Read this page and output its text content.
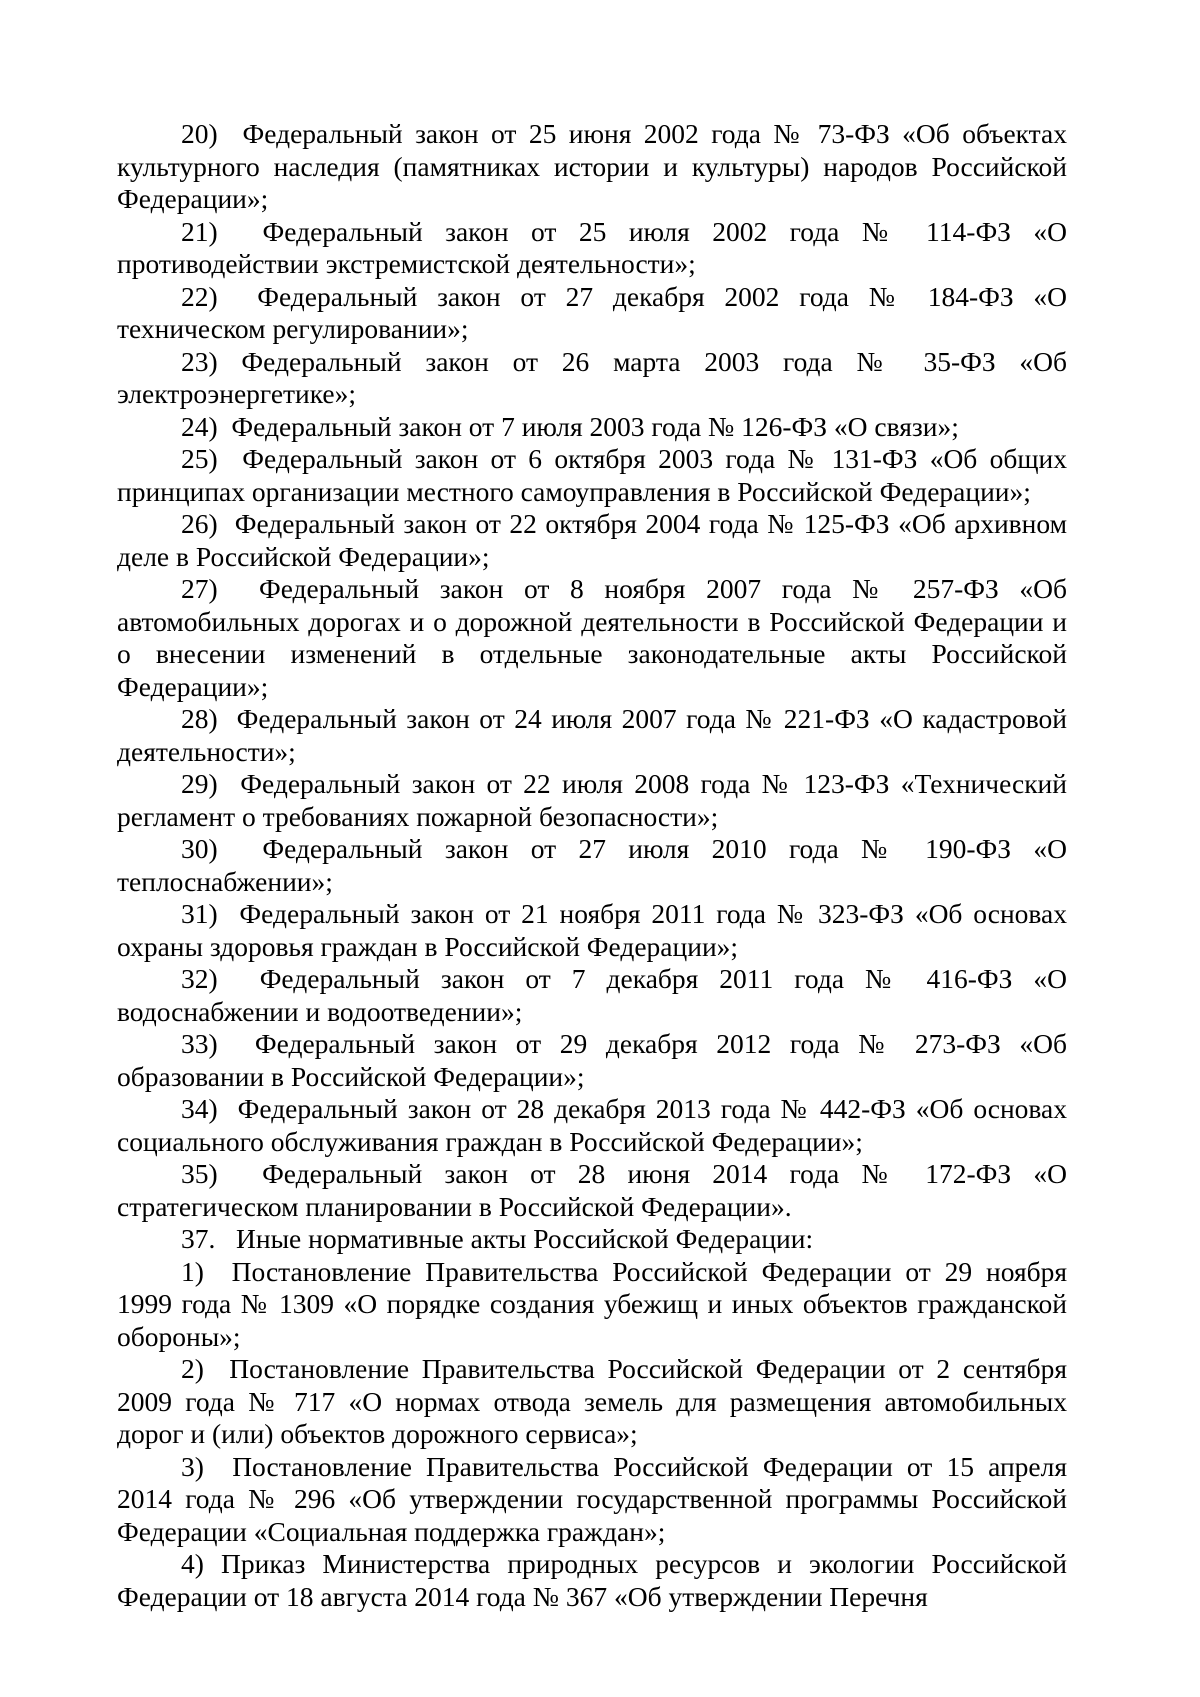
20)  Федеральный закон от 25 июня 2002 года № 73-ФЗ «Об объектах культурного наследия (памятниках истории и культуры) народов Российской Федерации»;

21)  Федеральный закон от 25 июля 2002 года № 114-ФЗ «О противодействии экстремистской деятельности»;

22)  Федеральный закон от 27 декабря 2002 года № 184-ФЗ «О техническом регулировании»;

23) Федеральный закон от 26 марта 2003 года № 35-ФЗ «Об электроэнергетике»;

24)  Федеральный закон от 7 июля 2003 года № 126-ФЗ «О связи»;

25)  Федеральный закон от 6 октября 2003 года № 131-ФЗ «Об общих принципах организации местного самоуправления в Российской Федерации»;

26)  Федеральный закон от 22 октября 2004 года № 125-ФЗ «Об архивном деле в Российской Федерации»;

27)  Федеральный закон от 8 ноября 2007 года № 257-ФЗ «Об автомобильных дорогах и о дорожной деятельности в Российской Федерации и о внесении изменений в отдельные законодательные акты Российской Федерации»;

28)  Федеральный закон от 24 июля 2007 года № 221-ФЗ «О кадастровой деятельности»;

29)  Федеральный закон от 22 июля 2008 года № 123-ФЗ «Технический регламент о требованиях пожарной безопасности»;

30)  Федеральный закон от 27 июля 2010 года № 190-ФЗ «О теплоснабжении»;

31)  Федеральный закон от 21 ноября 2011 года № 323-ФЗ «Об основах охраны здоровья граждан в Российской Федерации»;

32)  Федеральный закон от 7 декабря 2011 года № 416-ФЗ «О водоснабжении и водоотведении»;

33)  Федеральный закон от 29 декабря 2012 года № 273-ФЗ «Об образовании в Российской Федерации»;

34)  Федеральный закон от 28 декабря 2013 года № 442-ФЗ «Об основах социального обслуживания граждан в Российской Федерации»;

35)  Федеральный закон от 28 июня 2014 года № 172-ФЗ «О стратегическом планировании в Российской Федерации».

37.   Иные нормативные акты Российской Федерации:

1)  Постановление Правительства Российской Федерации от 29 ноября 1999 года № 1309 «О порядке создания убежищ и иных объектов гражданской обороны»;

2)  Постановление Правительства Российской Федерации от 2 сентября 2009 года № 717 «О нормах отвода земель для размещения автомобильных дорог и (или) объектов дорожного сервиса»;

3)  Постановление Правительства Российской Федерации от 15 апреля 2014 года № 296 «Об утверждении государственной программы Российской Федерации «Социальная поддержка граждан»;

4) Приказ Министерства природных ресурсов и экологии Российской Федерации от 18 августа 2014 года № 367 «Об утверждении Перечня
